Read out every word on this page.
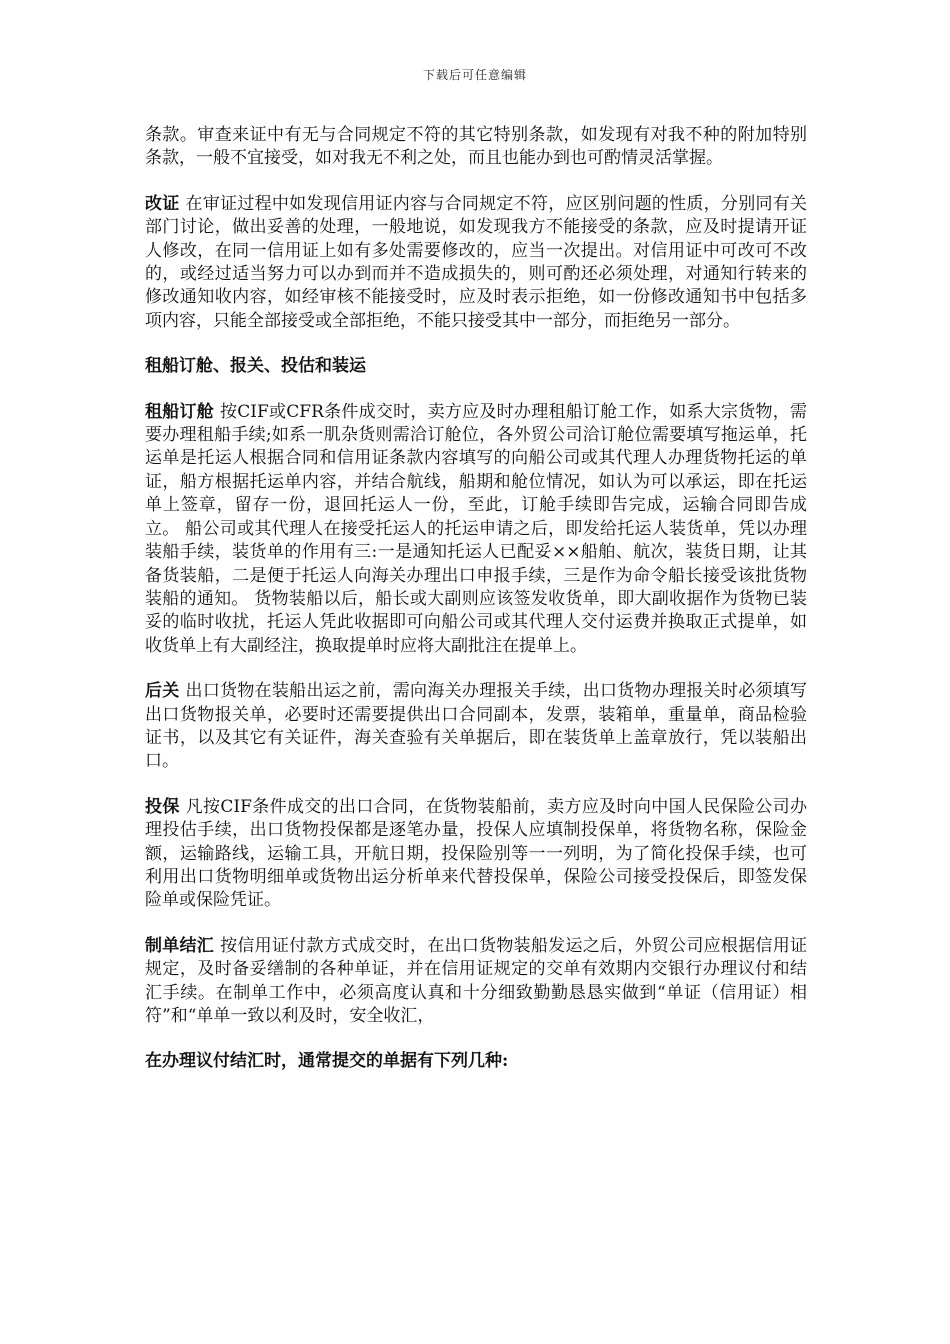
下载后可任意编辑

条款。审查来证中有无与合同规定不符的其它特别条款，如发现有对我不种的附加特别条款，一般不宜接受，如对我无不利之处，而且也能办到也可酌情灵活掌握。

改证 在审证过程中如发现信用证内容与合同规定不符，应区别问题的性质，分别同有关部门讨论，做出妥善的处理，一般地说，如发现我方不能接受的条款，应及时提请开证人修改，在同一信用证上如有多处需要修改的，应当一次提出。对信用证中可改可不改的，或经过适当努力可以办到而并不造成损失的，则可酌还必须处理，对通知行转来的修改通知收内容，如经审核不能接受时，应及时表示拒绝，如一份修改通知书中包括多项内容，只能全部接受或全部拒绝，不能只接受其中一部分，而拒绝另一部分。

租船订舱、报关、投估和装运

租船订舱 按CIF或CFR条件成交时，卖方应及时办理租船订舱工作，如系大宗货物，需要办理租船手续;如系一肌杂货则需洽订舱位，各外贸公司洽订舱位需要填写拖运单，托运单是托运人根据合同和信用证条款内容填写的向船公司或其代理人办理货物托运的单证，船方根据托运单内容，并结合航线，船期和舱位情况，如认为可以承运，即在托运单上签章，留存一份，退回托运人一份，至此，订舱手续即告完成，运输合同即告成立。 船公司或其代理人在接受托运人的托运申请之后，即发给托运人装货单，凭以办理装船手续，装货单的作用有三:一是通知托运人已配妥××船舶、航次，装货日期，让其备货装船，二是便于托运人向海关办理出口申报手续，三是作为命令船长接受该批货物装船的通知。 货物装船以后，船长或大副则应该签发收货单，即大副收据作为货物已装妥的临时收扰，托运人凭此收据即可向船公司或其代理人交付运费并换取正式提单，如收货单上有大副经注，换取提单时应将大副批注在提单上。

后关 出口货物在装船出运之前，需向海关办理报关手续，出口货物办理报关时必须填写出口货物报关单，必要时还需要提供出口合同副本，发票，装箱单，重量单，商品检验证书，以及其它有关证件，海关查验有关单据后，即在装货单上盖章放行，凭以装船出口。

投保 凡按CIF条件成交的出口合同，在货物装船前，卖方应及时向中国人民保险公司办理投估手续，出口货物投保都是逐笔办量，投保人应填制投保单，将货物名称，保险金额，运输路线，运输工具，开航日期，投保险别等一一列明，为了简化投保手续，也可利用出口货物明细单或货物出运分析单来代替投保单，保险公司接受投保后，即签发保险单或保险凭证。

制单结汇 按信用证付款方式成交时，在出口货物装船发运之后，外贸公司应根据信用证规定，及时备妥缮制的各种单证，并在信用证规定的交单有效期内交银行办理议付和结汇手续。在制单工作中，必须高度认真和十分细致勤勤恳恳实做到“单证（信用证）相符”和“单单一致以利及时，安全收汇，

在办理议付结汇时，通常提交的单据有下列几种:
